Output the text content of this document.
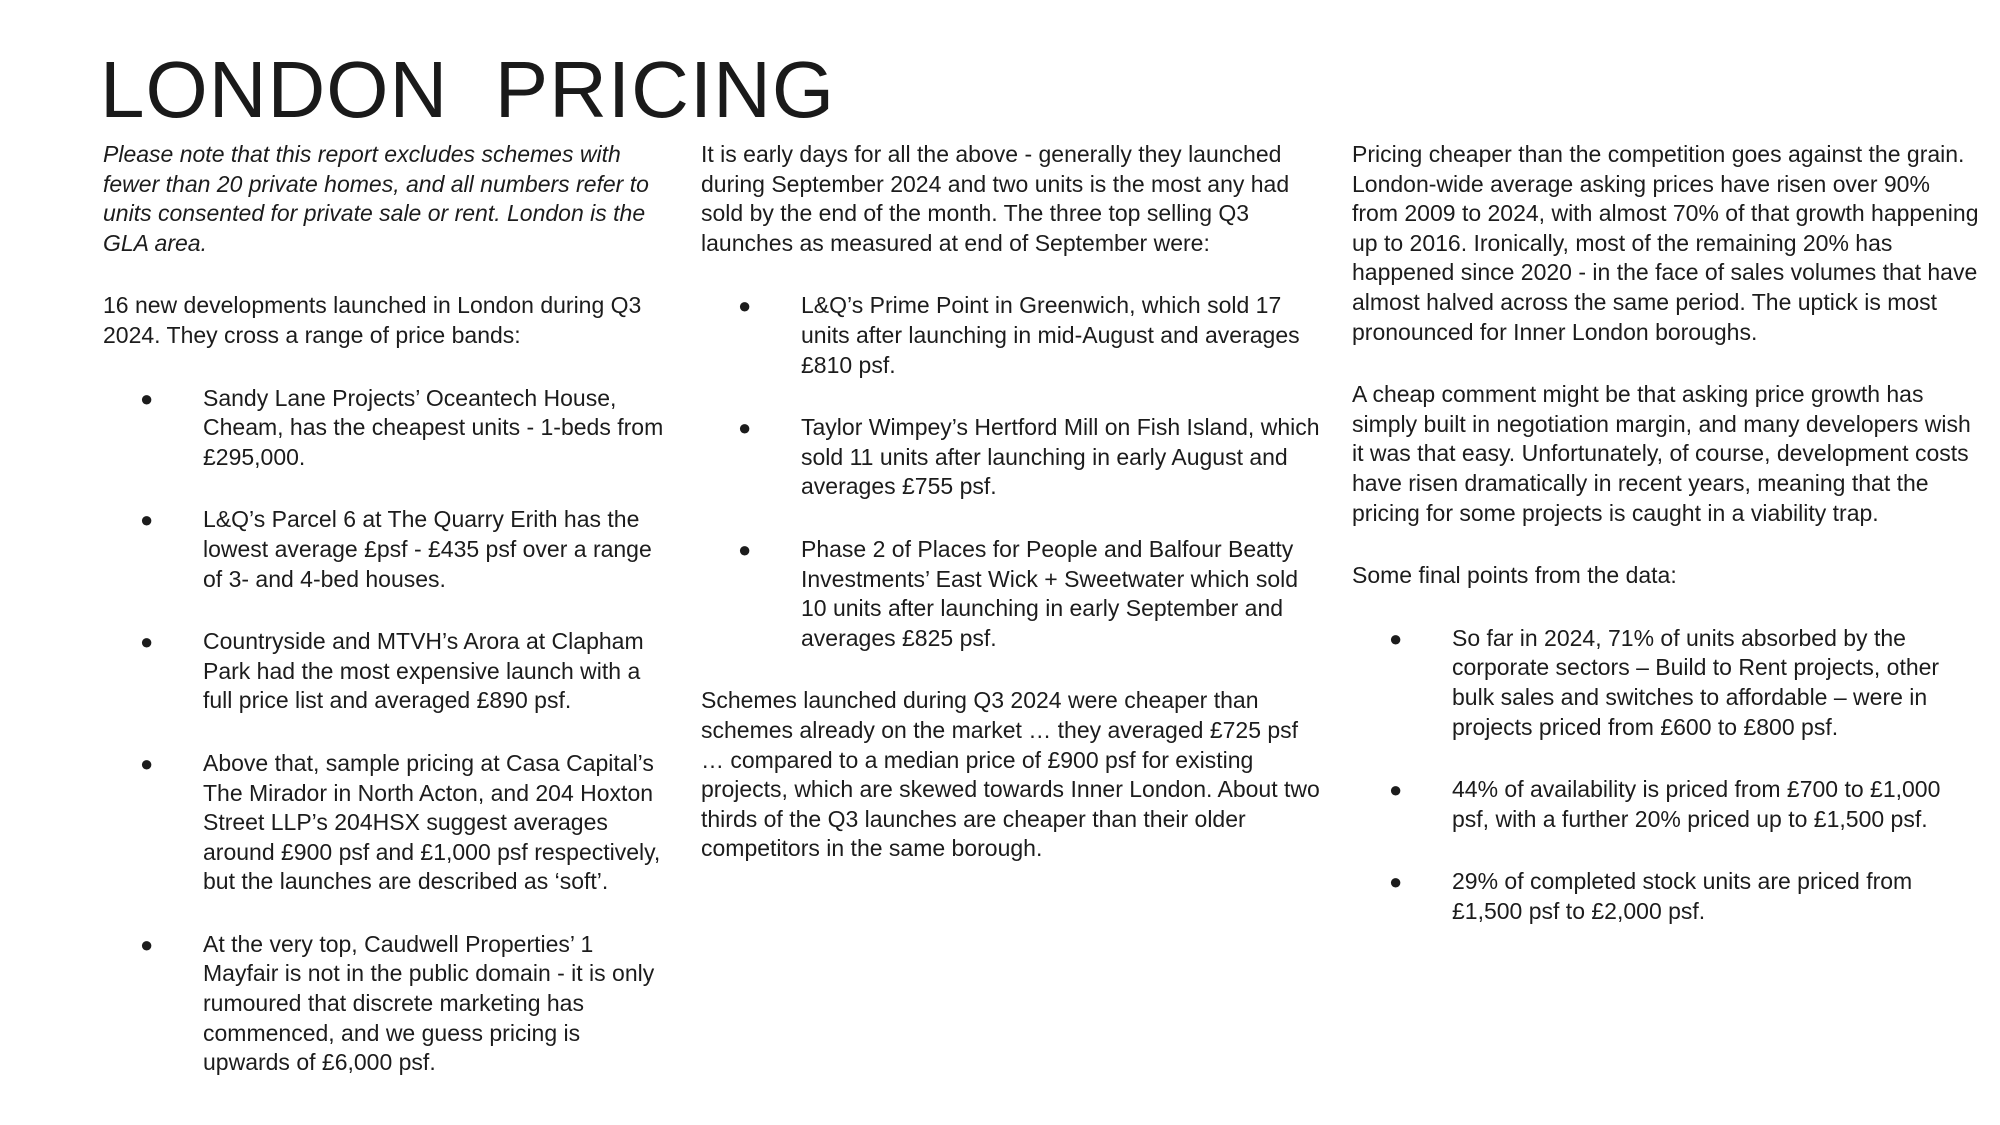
LONDON  PRICING

Please note that this report excludes schemes with fewer than 20 private homes, and all numbers refer to units consented for private sale or rent. London is the GLA area.

16 new developments launched in London during Q3 2024. They cross a range of price bands:

● Sandy Lane Projects’ Oceantech House, Cheam, has the cheapest units - 1-beds from £295,000.
● L&Q’s Parcel 6 at The Quarry Erith has the lowest average £psf - £435 psf over a range of 3- and 4-bed houses.
● Countryside and MTVH’s Arora at Clapham Park had the most expensive launch with a full price list and averaged £890 psf.
● Above that, sample pricing at Casa Capital’s The Mirador in North Acton, and 204 Hoxton Street LLP’s 204HSX suggest averages around £900 psf and £1,000 psf respectively, but the launches are described as ‘soft’.
● At the very top, Caudwell Properties’ 1 Mayfair is not in the public domain - it is only rumoured that discrete marketing has commenced, and we guess pricing is upwards of £6,000 psf.

It is early days for all the above - generally they launched during September 2024 and two units is the most any had sold by the end of the month. The three top selling Q3 launches as measured at end of September were:

● L&Q’s Prime Point in Greenwich, which sold 17 units after launching in mid-August and averages £810 psf.
● Taylor Wimpey’s Hertford Mill on Fish Island, which sold 11 units after launching in early August and averages £755 psf.
● Phase 2 of Places for People and Balfour Beatty Investments’ East Wick + Sweetwater which sold 10 units after launching in early September and averages £825 psf.

Schemes launched during Q3 2024 were cheaper than schemes already on the market … they averaged £725 psf … compared to a median price of £900 psf for existing projects, which are skewed towards Inner London. About two thirds of the Q3 launches are cheaper than their older competitors in the same borough.

Pricing cheaper than the competition goes against the grain. London-wide average asking prices have risen over 90% from 2009 to 2024, with almost 70% of that growth happening up to 2016. Ironically, most of the remaining 20% has happened since 2020 - in the face of sales volumes that have almost halved across the same period. The uptick is most pronounced for Inner London boroughs.

A cheap comment might be that asking price growth has simply built in negotiation margin, and many developers wish it was that easy. Unfortunately, of course, development costs have risen dramatically in recent years, meaning that the pricing for some projects is caught in a viability trap.

Some final points from the data:

● So far in 2024, 71% of units absorbed by the corporate sectors – Build to Rent projects, other bulk sales and switches to affordable – were in projects priced from £600 to £800 psf.
● 44% of availability is priced from £700 to £1,000 psf, with a further 20% priced up to £1,500 psf.
● 29% of completed stock units are priced from £1,500 psf to £2,000 psf.
